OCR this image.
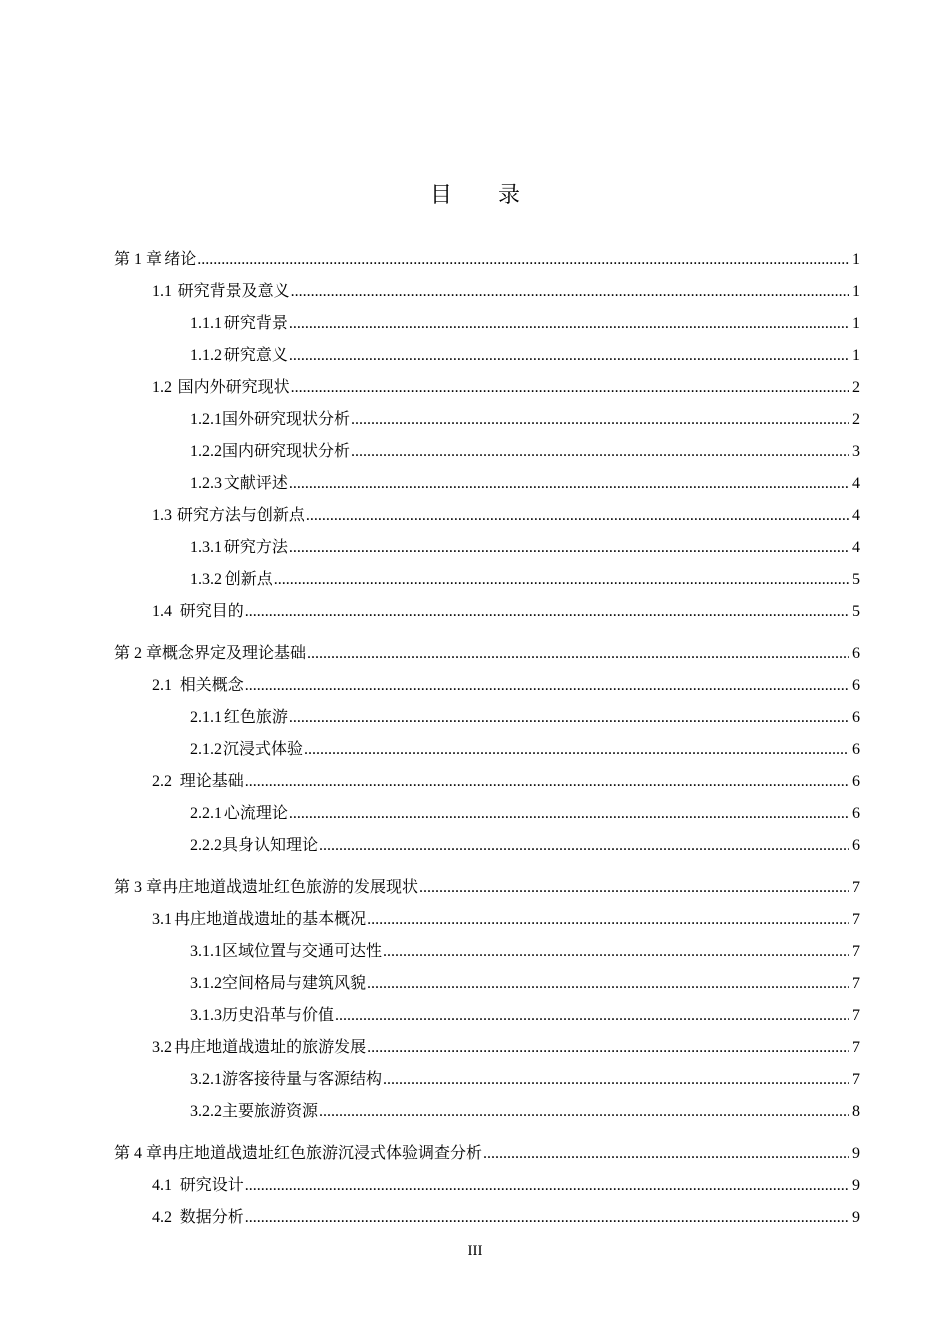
目 录
第 1 章 绪论 .....	1
1.1 研究背景及意义 .....	1
1.1.1 研究背景 .....	1
1.1.2 研究意义 .....	1
1.2 国内外研究现状 .....	2
1.2.1 国外研究现状分析 .....	2
1.2.2 国内研究现状分析 .....	3
1.2.3 文献评述 .....	4
1.3 研究方法与创新点 .....	4
1.3.1 研究方法 .....	4
1.3.2 创新点 .....	5
1.4 研究目的 .....	5
第 2 章 概念界定及理论基础 .....	6
2.1 相关概念 .....	6
2.1.1 红色旅游 .....	6
2.1.2 沉浸式体验 .....	6
2.2 理论基础 .....	6
2.2.1 心流理论 .....	6
2.2.2 具身认知理论 .....	6
第 3 章 冉庄地道战遗址红色旅游的发展现状 .....	7
3.1 冉庄地道战遗址的基本概况 .....	7
3.1.1 区域位置与交通可达性 .....	7
3.1.2 空间格局与建筑风貌 .....	7
3.1.3 历史沿革与价值 .....	7
3.2 冉庄地道战遗址的旅游发展 .....	7
3.2.1 游客接待量与客源结构 .....	7
3.2.2 主要旅游资源 .....	8
第 4 章 冉庄地道战遗址红色旅游沉浸式体验调查分析 .....	9
4.1 研究设计 .....	9
4.2 数据分析 .....	9
III
